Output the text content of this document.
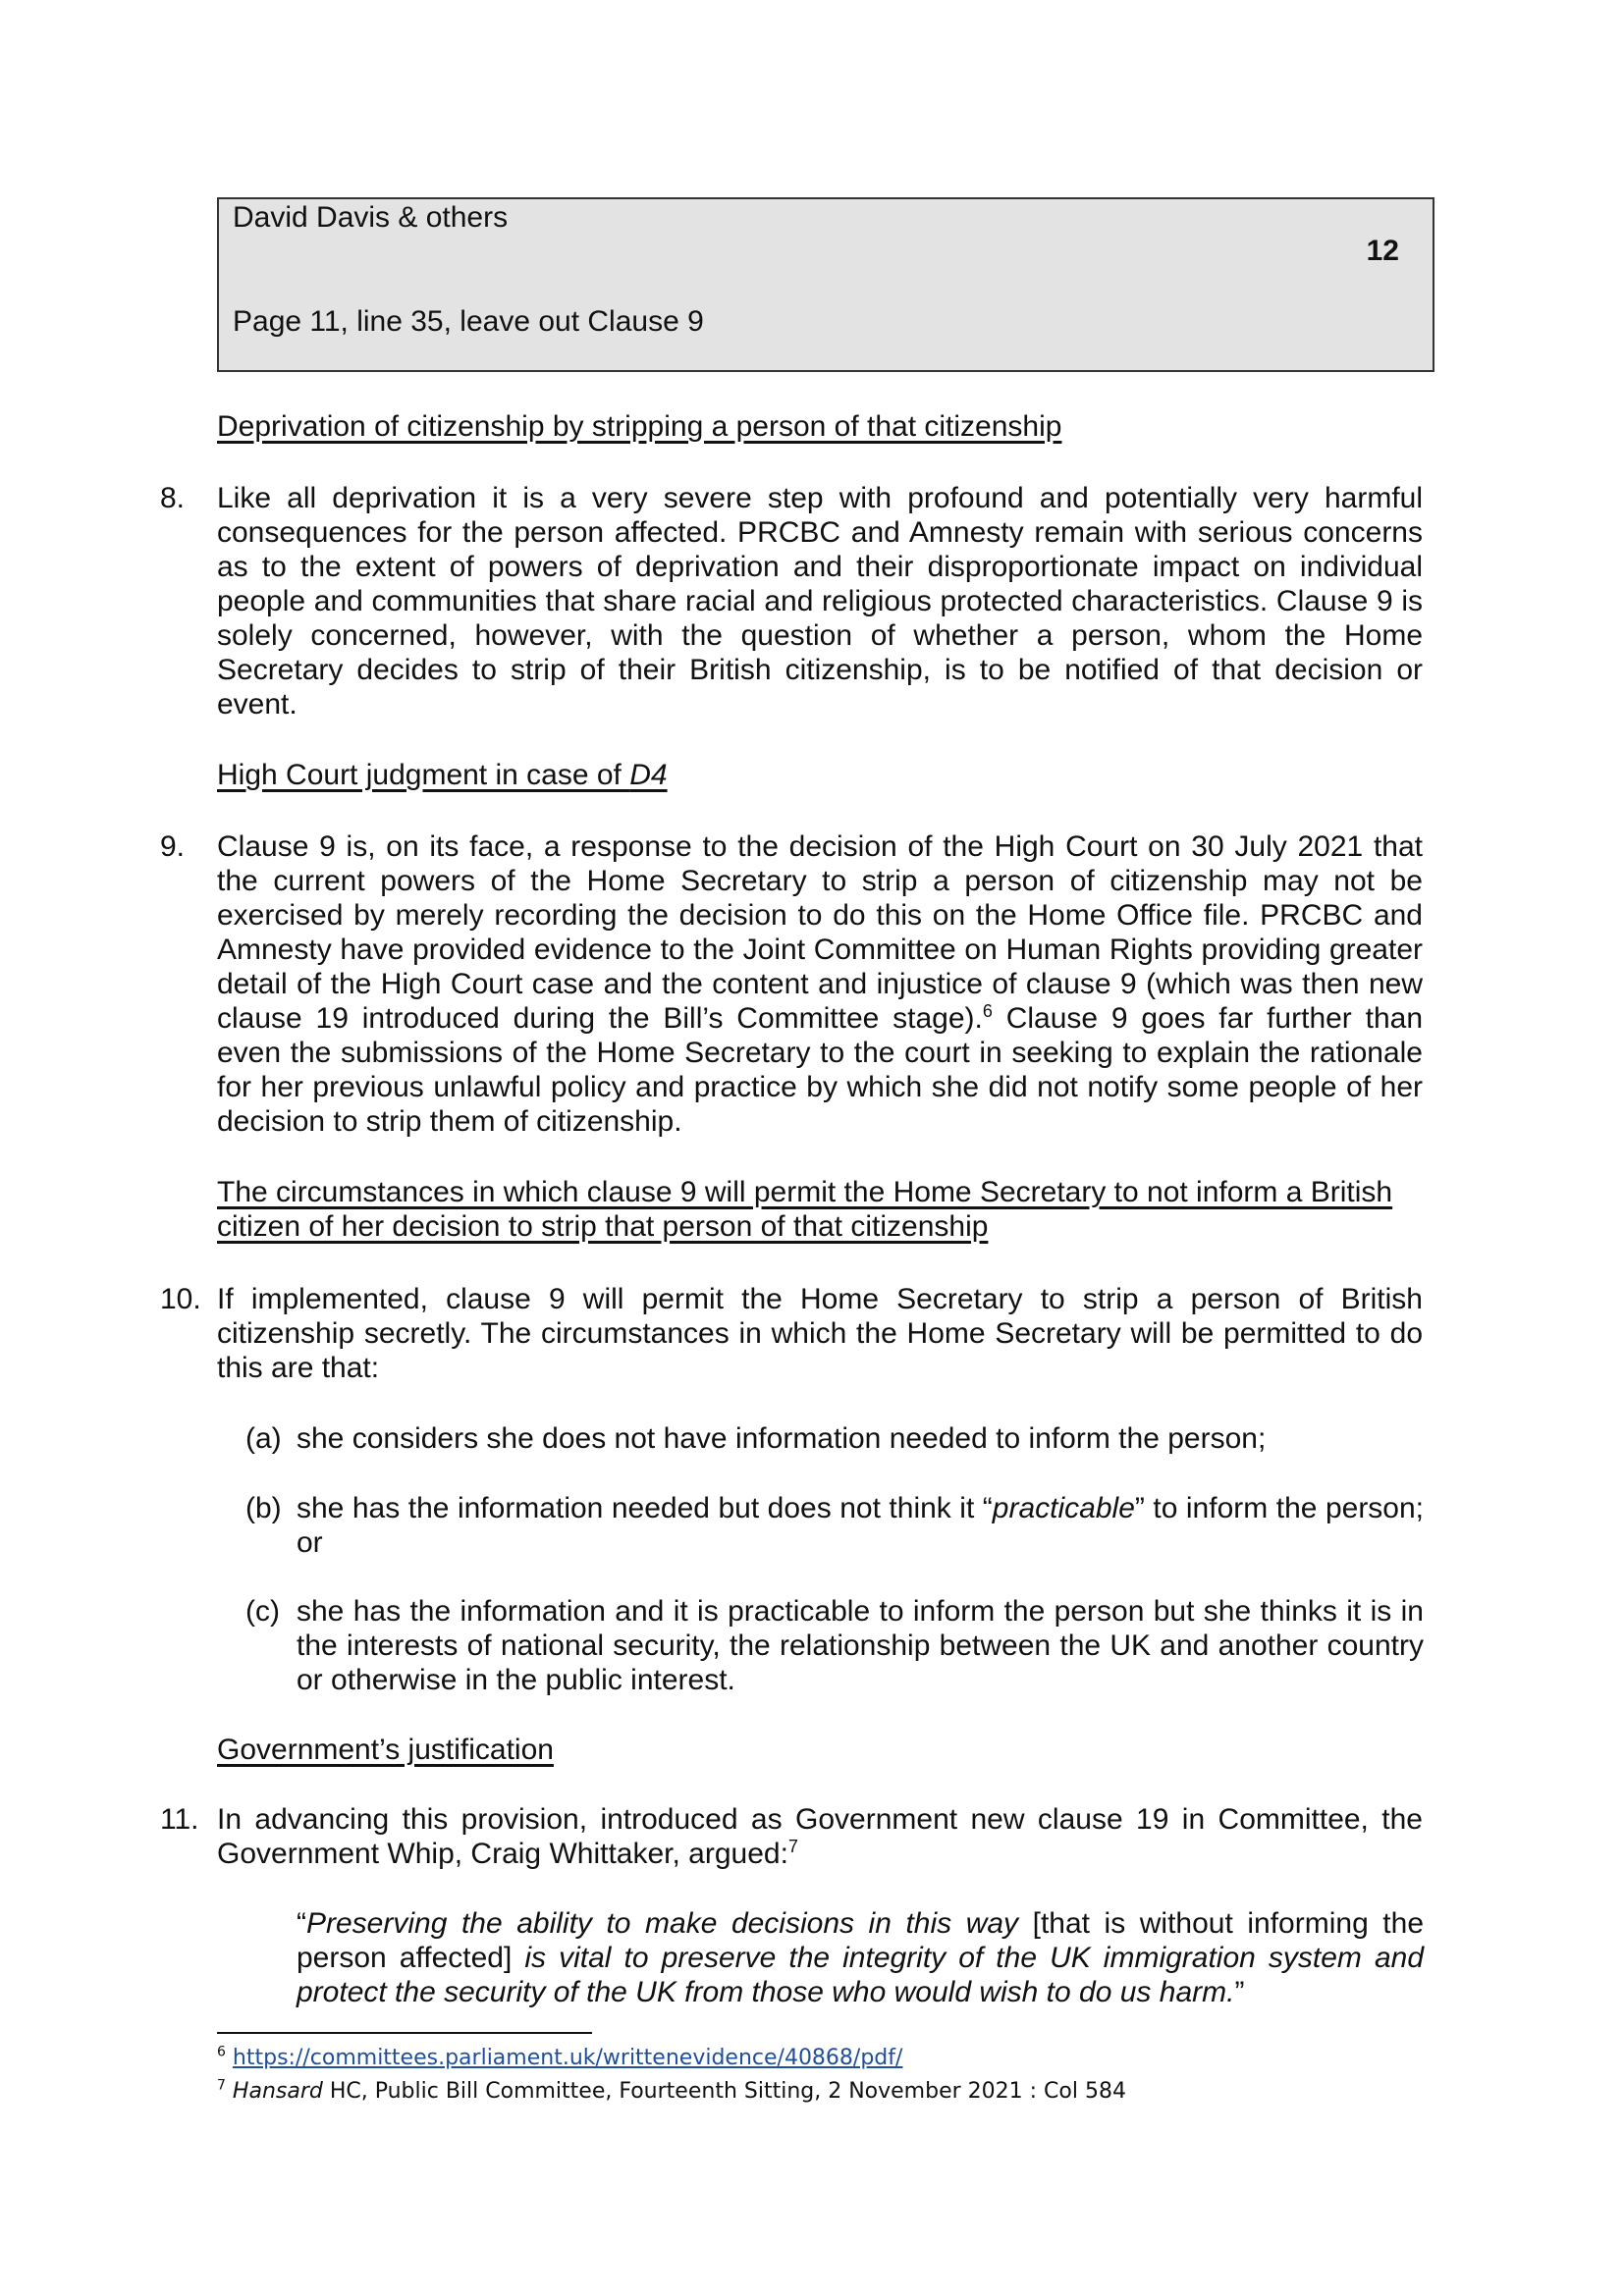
David Davis & others
12
Page 11, line 35, leave out Clause 9
Deprivation of citizenship by stripping a person of that citizenship
8. Like all deprivation it is a very severe step with profound and potentially very harmful consequences for the person affected. PRCBC and Amnesty remain with serious concerns as to the extent of powers of deprivation and their disproportionate impact on individual people and communities that share racial and religious protected characteristics. Clause 9 is solely concerned, however, with the question of whether a person, whom the Home Secretary decides to strip of their British citizenship, is to be notified of that decision or event.
High Court judgment in case of D4
9. Clause 9 is, on its face, a response to the decision of the High Court on 30 July 2021 that the current powers of the Home Secretary to strip a person of citizenship may not be exercised by merely recording the decision to do this on the Home Office file. PRCBC and Amnesty have provided evidence to the Joint Committee on Human Rights providing greater detail of the High Court case and the content and injustice of clause 9 (which was then new clause 19 introduced during the Bill’s Committee stage).$^6$ Clause 9 goes far further than even the submissions of the Home Secretary to the court in seeking to explain the rationale for her previous unlawful policy and practice by which she did not notify some people of her decision to strip them of citizenship.
The circumstances in which clause 9 will permit the Home Secretary to not inform a British
citizen of her decision to strip that person of that citizenship
10. If implemented, clause 9 will permit the Home Secretary to strip a person of British citizenship secretly. The circumstances in which the Home Secretary will be permitted to do this are that:
(a) she considers she does not have information needed to inform the person;
(b) she has the information needed but does not think it “practicable” to inform the person; or
(c) she has the information and it is practicable to inform the person but she thinks it is in the interests of national security, the relationship between the UK and another country or otherwise in the public interest.
Government’s justification
11. In advancing this provision, introduced as Government new clause 19 in Committee, the Government Whip, Craig Whittaker, argued:$^7$
“Preserving the ability to make decisions in this way [that is without informing the person affected] is vital to preserve the integrity of the UK immigration system and protect the security of the UK from those who would wish to do us harm.”
$^6$ https://committees.parliament.uk/writtenevidence/40868/pdf/
$^7$ Hansard HC, Public Bill Committee, Fourteenth Sitting, 2 November 2021 : Col 584
